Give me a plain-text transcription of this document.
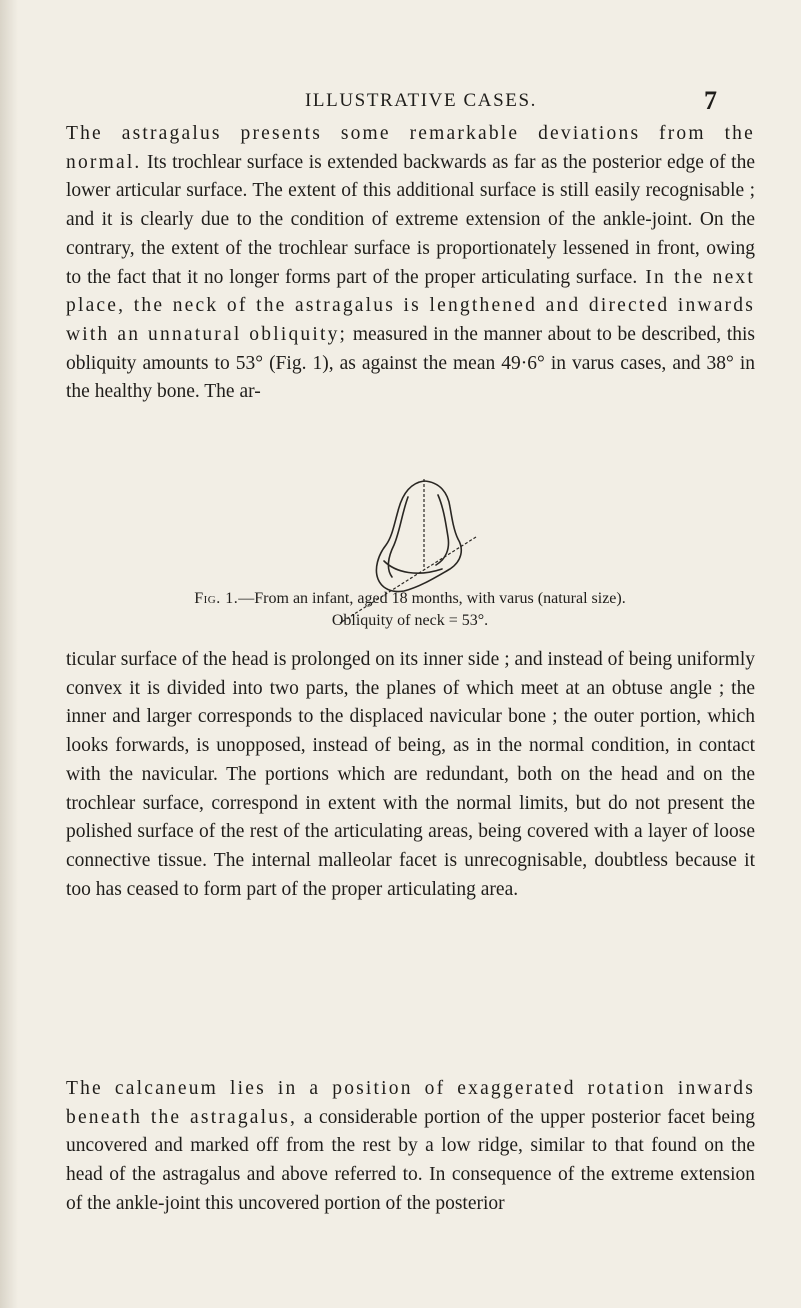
ILLUSTRATIVE CASES.	7

The astragalus presents some remarkable deviations from the normal. Its trochlear surface is extended backwards as far as the posterior edge of the lower articular surface. The extent of this additional surface is still easily recognisable ; and it is clearly due to the condition of extreme extension of the ankle-joint. On the contrary, the extent of the trochlear surface is proportionately lessened in front, owing to the fact that it no longer forms part of the proper articulating surface. In the next place, the neck of the astragalus is lengthened and directed inwards with an unnatural obliquity; measured in the manner about to be described, this obliquity amounts to 53° (Fig. 1), as against the mean 49·6° in varus cases, and 38° in the healthy bone. The ar-

Fig. 1.—From an infant, aged 18 months, with varus (natural size).
Obliquity of neck = 53°.

ticular surface of the head is prolonged on its inner side ; and instead of being uniformly convex it is divided into two parts, the planes of which meet at an obtuse angle ; the inner and larger corresponds to the displaced navicular bone ; the outer portion, which looks forwards, is unopposed, instead of being, as in the normal condition, in contact with the navicular. The portions which are redundant, both on the head and on the trochlear surface, correspond in extent with the normal limits, but do not present the polished surface of the rest of the articulating areas, being covered with a layer of loose connective tissue. The internal malleolar facet is unrecognisable, doubtless because it too has ceased to form part of the proper articulating area.

The calcaneum lies in a position of exaggerated rotation inwards beneath the astragalus, a considerable portion of the upper posterior facet being uncovered and marked off from the rest by a low ridge, similar to that found on the head of the astragalus and above referred to. In consequence of the extreme extension of the ankle-joint this uncovered portion of the posterior
